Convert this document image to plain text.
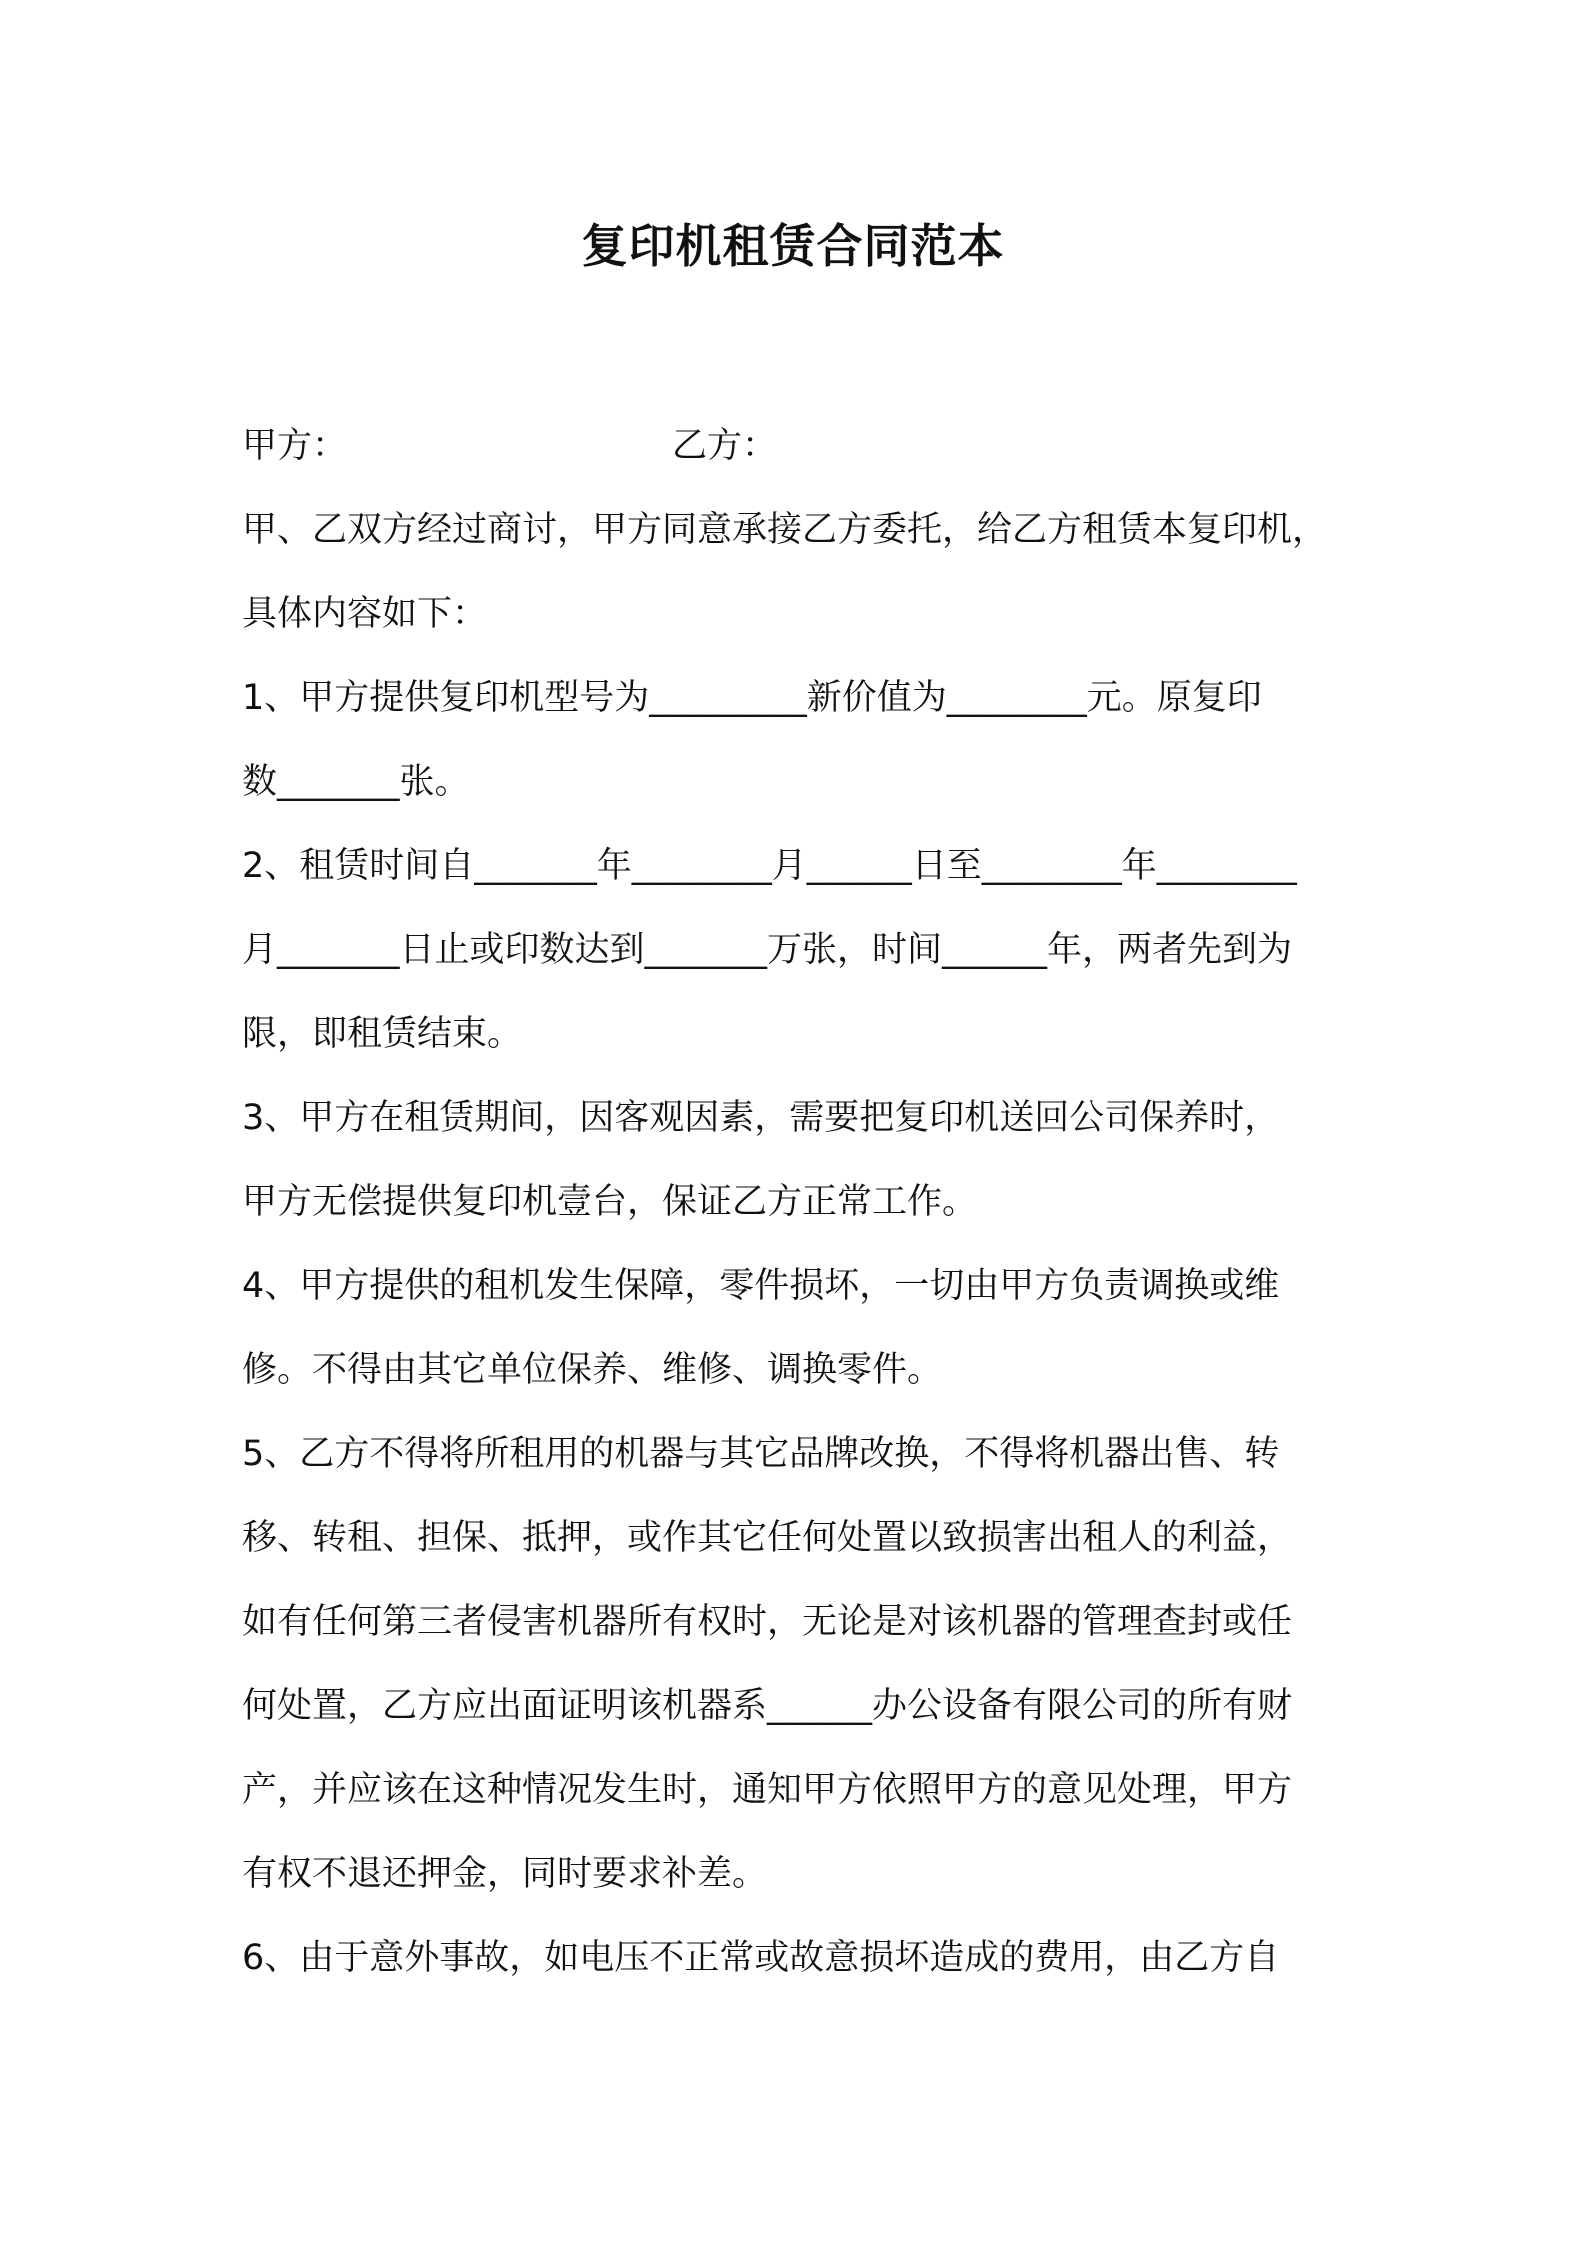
复印机租赁合同范本
甲方：	乙方：
甲、乙双方经过商讨，甲方同意承接乙方委托，给乙方租赁本复印机，
具体内容如下：
1、甲方提供复印机型号为_________新价值为________元。原复印
数_______张。
2、租赁时间自_______年________月______日至________年________
月_______日止或印数达到_______万张，时间______年，两者先到为
限，即租赁结束。
3、甲方在租赁期间，因客观因素，需要把复印机送回公司保养时，
甲方无偿提供复印机壹台，保证乙方正常工作。
4、甲方提供的租机发生保障，零件损坏，一切由甲方负责调换或维
修。不得由其它单位保养、维修、调换零件。
5、乙方不得将所租用的机器与其它品牌改换，不得将机器出售、转
移、转租、担保、抵押，或作其它任何处置以致损害出租人的利益，
如有任何第三者侵害机器所有权时，无论是对该机器的管理查封或任
何处置，乙方应出面证明该机器系______办公设备有限公司的所有财
产，并应该在这种情况发生时，通知甲方依照甲方的意见处理，甲方
有权不退还押金，同时要求补差。
6、由于意外事故，如电压不正常或故意损坏造成的费用，由乙方自
